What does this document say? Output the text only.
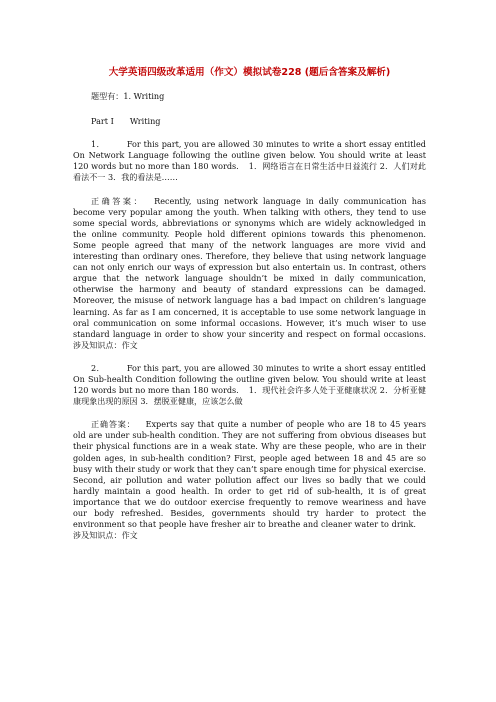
大学英语四级改革适用（作文）模拟试卷228 (题后含答案及解析)

题型有：1. Writing

Part I Writing

1．	For this part, you are allowed 30 minutes to write a short essay entitled On Network Language following the outline given below. You should write at least 120 words but no more than 180 words. 1．网络语言在日常生活中日益流行 2．人们对此看法不一 3．我的看法是……

正确答案： Recently, using network language in daily communication has become very popular among the youth. When talking with others, they tend to use some special words, abbreviations or synonyms which are widely acknowledged in the online community. People hold different opinions towards this phenomenon. Some people agreed that many of the network languages are more vivid and interesting than ordinary ones. Therefore, they believe that using network language can not only enrich our ways of expression but also entertain us. In contrast, others argue that the network language shouldn’t be mixed in daily communication, otherwise the harmony and beauty of standard expressions can be damaged. Moreover, the misuse of network language has a bad impact on children’s language learning. As far as I am concerned, it is acceptable to use some network language in oral communication on some informal occasions. However, it’s much wiser to use standard language in order to show your sincerity and respect on formal occasions. 涉及知识点：作文

2．	For this part, you are allowed 30 minutes to write a short essay entitled On Sub-health Condition following the outline given below. You should write at least 120 words but no more than 180 words. 1．现代社会许多人处于亚健康状况 2．分析亚健康现象出现的原因 3．摆脱亚健康，应该怎么做

正确答案： Experts say that quite a number of people who are 18 to 45 years old are under sub-health condition. They are not suffering from obvious diseases but their physical functions are in a weak state. Why are these people, who are in their golden ages, in sub-health condition? First, people aged between 18 and 45 are so busy with their study or work that they can’t spare enough time for physical exercise. Second, air pollution and water pollution affect our lives so badly that we could hardly maintain a good health. In order to get rid of sub-health, it is of great importance that we do outdoor exercise frequently to remove weariness and have our body refreshed. Besides, governments should try harder to protect the environment so that people have fresher air to breathe and cleaner water to drink. 涉及知识点：作文
